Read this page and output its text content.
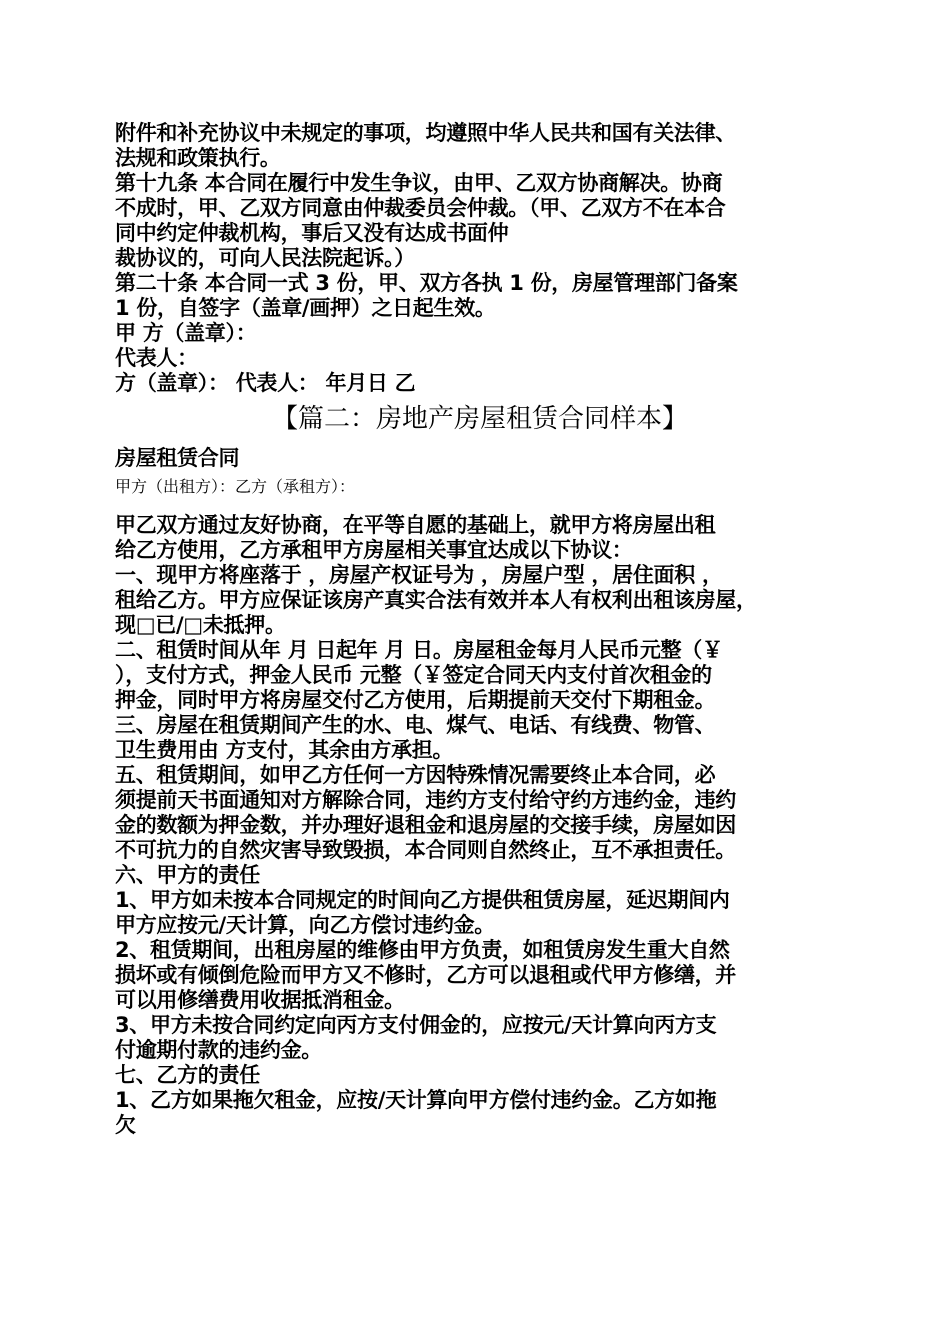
附件和补充协议中未规定的事项，均遵照中华人民共和国有关法律、
法规和政策执行。

第十九条 本合同在履行中发生争议，由甲、乙双方协商解决。协商
不成时，甲、乙双方同意由仲裁委员会仲裁。（甲、乙双方不在本合
同中约定仲裁机构，事后又没有达成书面仲
裁协议的，可向人民法院起诉。）

第二十条 本合同一式 3 份，甲、双方各执 1 份，房屋管理部门备案
1 份，自签字（盖章/画押）之日起生效。

甲 方（盖章）：
代表人：
方（盖章）： 代表人： 年月日 乙

【篇二：房地产房屋租赁合同样本】

房屋租赁合同

甲方（出租方）：乙方（承租方）：

甲乙双方通过友好协商，在平等自愿的基础上，就甲方将房屋出租
给乙方使用，乙方承租甲方房屋相关事宜达成以下协议：

一、现甲方将座落于 ，房屋产权证号为 ，房屋户型 ，居住面积 ，
租给乙方。甲方应保证该房产真实合法有效并本人有权利出租该房屋，
现□已/□未抵押。

二、租赁时间从年 月 日起年 月 日。房屋租金每月人民币元整（￥
），支付方式，押金人民币 元整（￥签定合同天内支付首次租金的
押金，同时甲方将房屋交付乙方使用，后期提前天交付下期租金。

三、房屋在租赁期间产生的水、电、煤气、电话、有线费、物管、
卫生费用由 方支付，其余由方承担。

五、租赁期间，如甲乙方任何一方因特殊情况需要终止本合同，必
须提前天书面通知对方解除合同，违约方支付给守约方违约金，违约
金的数额为押金数，并办理好退租金和退房屋的交接手续，房屋如因
不可抗力的自然灾害导致毁损，本合同则自然终止，互不承担责任。

六、甲方的责任

1、甲方如未按本合同规定的时间向乙方提供租赁房屋，延迟期间内
甲方应按元/天计算，向乙方偿讨违约金。

2、租赁期间，出租房屋的维修由甲方负责，如租赁房发生重大自然
损坏或有倾倒危险而甲方又不修时，乙方可以退租或代甲方修缮，并
可以用修缮费用收据抵消租金。

3、甲方未按合同约定向丙方支付佣金的，应按元/天计算向丙方支
付逾期付款的违约金。

七、乙方的责任

1、乙方如果拖欠租金，应按/天计算向甲方偿付违约金。乙方如拖
欠
